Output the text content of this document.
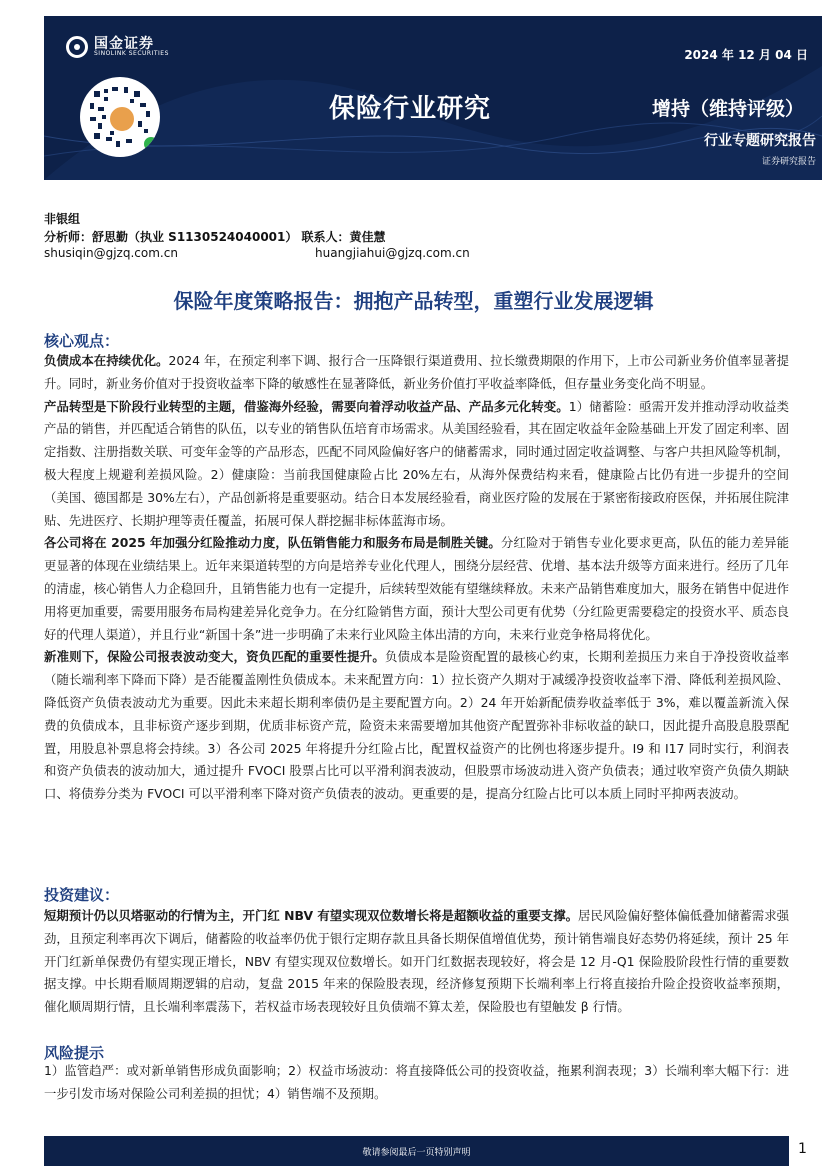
国金证券
SINOLINK SECURITIES	2024 年 12 月 04 日
保险行业研究	增持（维持评级）
行业专题研究报告
证券研究报告
非银组
分析师：舒思勤（执业 S1130524040001） 联系人：黄佳慧
shusiqin@gjzq.com.cn	huangjiahui@gjzq.com.cn
保险年度策略报告：拥抱产品转型，重塑行业发展逻辑
核心观点：

负债成本在持续优化。2024 年，在预定利率下调、报行合一压降银行渠道费用、拉长缴费期限的作用下，上市公司新业务价值率显著提升。同时，新业务价值对于投资收益率下降的敏感性在显著降低，新业务价值打平收益率降低，但存量业务变化尚不明显。

产品转型是下阶段行业转型的主题，借鉴海外经验，需要向着浮动收益产品、产品多元化转变。1）储蓄险：亟需开发并推动浮动收益类产品的销售，并匹配适合销售的队伍，以专业的销售队伍培育市场需求。从美国经验看，其在固定收益年金险基础上开发了固定利率、固定指数、注册指数关联、可变年金等的产品形态，匹配不同风险偏好客户的储蓄需求，同时通过固定收益调整、与客户共担风险等机制，极大程度上规避利差损风险。2）健康险：当前我国健康险占比 20%左右，从海外保费结构来看，健康险占比仍有进一步提升的空间（美国、德国都是 30%左右），产品创新将是重要驱动。结合日本发展经验看，商业医疗险的发展在于紧密衔接政府医保，并拓展住院津贴、先进医疗、长期护理等责任覆盖，拓展可保人群挖掘非标体蓝海市场。

各公司将在 2025 年加强分红险推动力度，队伍销售能力和服务布局是制胜关键。分红险对于销售专业化要求更高，队伍的能力差异能更显著的体现在业绩结果上。近年来渠道转型的方向是培养专业化代理人，围绕分层经营、优增、基本法升级等方面来进行。经历了几年的清虚，核心销售人力企稳回升，且销售能力也有一定提升，后续转型效能有望继续释放。未来产品销售难度加大，服务在销售中促进作用将更加重要，需要用服务布局构建差异化竞争力。在分红险销售方面，预计大型公司更有优势（分红险更需要稳定的投资水平、质态良好的代理人渠道），并且行业“新国十条”进一步明确了未来行业风险主体出清的方向，未来行业竞争格局将优化。

新准则下，保险公司报表波动变大，资负匹配的重要性提升。负债成本是险资配置的最核心约束，长期利差损压力来自于净投资收益率（随长端利率下降而下降）是否能覆盖刚性负债成本。未来配置方向：1）拉长资产久期对于减缓净投资收益率下滑、降低利差损风险、降低资产负债表波动尤为重要。因此未来超长期利率债仍是主要配置方向。2）24 年开始新配债券收益率低于 3%，难以覆盖新流入保费的负债成本，且非标资产逐步到期，优质非标资产荒，险资未来需要增加其他资产配置弥补非标收益的缺口，因此提升高股息股票配置，用股息补票息将会持续。3）各公司 2025 年将提升分红险占比，配置权益资产的比例也将逐步提升。I9 和 I17 同时实行，利润表和资产负债表的波动加大，通过提升 FVOCI 股票占比可以平滑利润表波动，但股票市场波动进入资产负债表；通过收窄资产负债久期缺口、将债券分类为 FVOCI 可以平滑利率下降对资产负债表的波动。更重要的是，提高分红险占比可以本质上同时平抑两表波动。

投资建议：

短期预计仍以贝塔驱动的行情为主，开门红 NBV 有望实现双位数增长将是超额收益的重要支撑。居民风险偏好整体偏低叠加储蓄需求强劲，且预定利率再次下调后，储蓄险的收益率仍优于银行定期存款且具备长期保值增值优势，预计销售端良好态势仍将延续，预计 25 年开门红新单保费仍有望实现正增长，NBV 有望实现双位数增长。如开门红数据表现较好，将会是 12 月-Q1 保险股阶段性行情的重要数据支撑。中长期看顺周期逻辑的启动，复盘 2015 年来的保险股表现，经济修复预期下长端利率上行将直接抬升险企投资收益率预期，催化顺周期行情，且长端利率震荡下，若权益市场表现较好且负债端不算太差，保险股也有望触发 β 行情。

风险提示

1）监管趋严：或对新单销售形成负面影响；2）权益市场波动：将直接降低公司的投资收益，拖累利润表现；3）长端利率大幅下行：进一步引发市场对保险公司利差损的担忧；4）销售端不及预期。

敬请参阅最后一页特别声明	1
